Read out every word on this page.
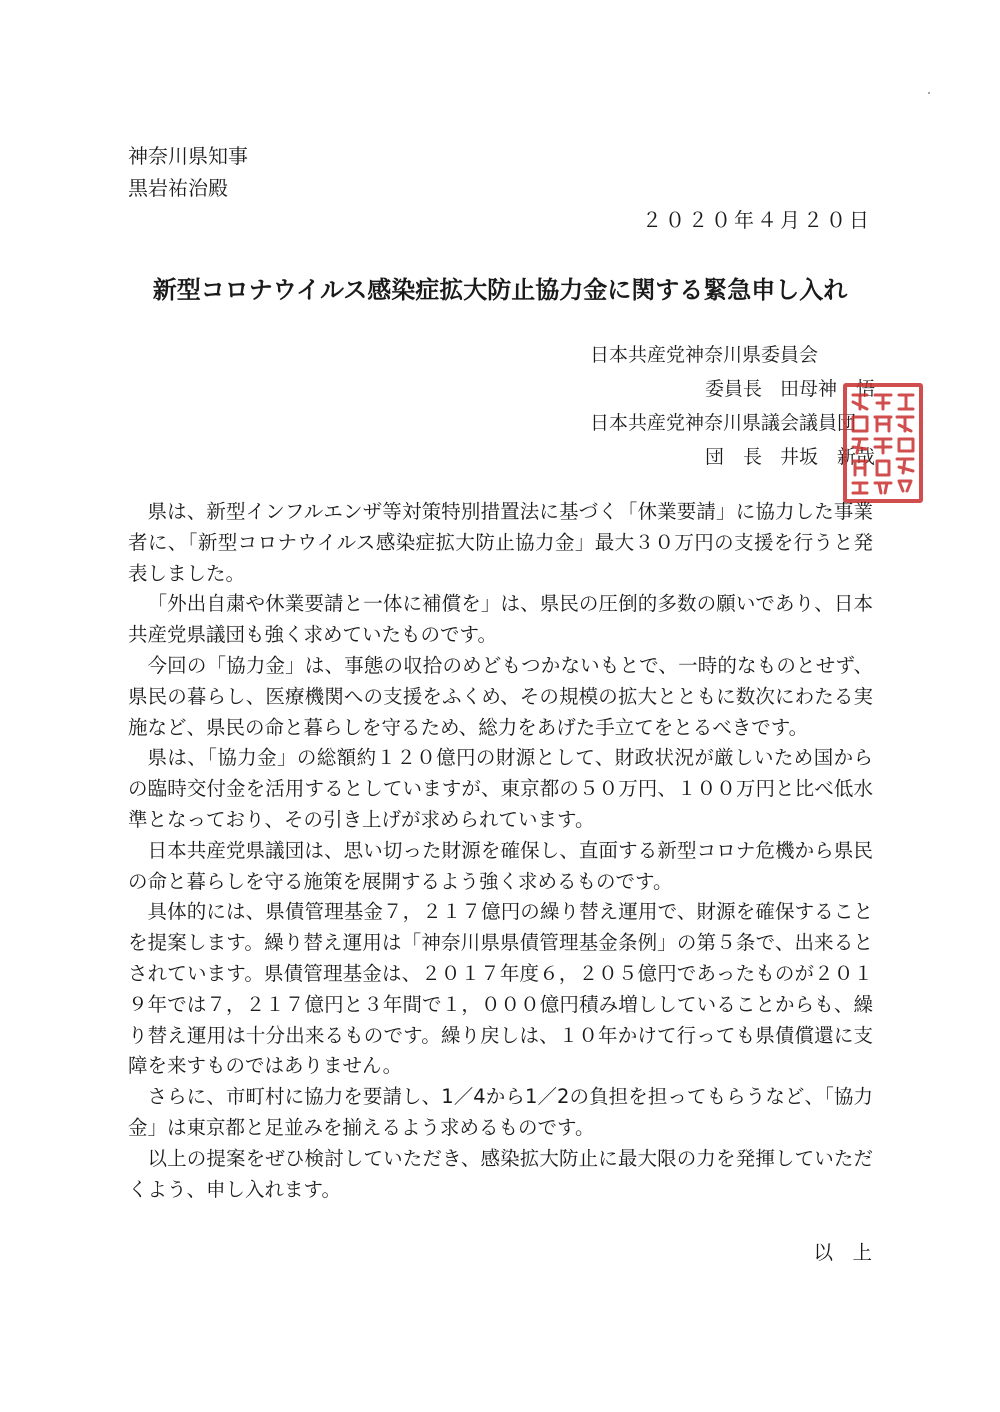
神奈川県知事
黒岩祐治殿
２０２０年４月２０日
新型コロナウイルス感染症拡大防止協力金に関する緊急申し入れ
日本共産党神奈川県委員会
委員長 田母神　悟
日本共産党神奈川県議会議員団
団　長 井坂　新哉

県は、新型インフルエンザ等対策特別措置法に基づく「休業要請」に協力した事業者に、「新型コロナウイルス感染症拡大防止協力金」最大３０万円の支援を行うと発表しました。

「外出自粛や休業要請と一体に補償を」は、県民の圧倒的多数の願いであり、日本共産党県議団も強く求めていたものです。

今回の「協力金」は、事態の収拾のめどもつかないもとで、一時的なものとせず、県民の暮らし、医療機関への支援をふくめ、その規模の拡大とともに数次にわたる実施など、県民の命と暮らしを守るため、総力をあげた手立てをとるべきです。

県は、「協力金」の総額約１２０億円の財源として、財政状況が厳しいため国からの臨時交付金を活用するとしていますが、東京都の５０万円、１００万円と比べ低水準となっており、その引き上げが求められています。

日本共産党県議団は、思い切った財源を確保し、直面する新型コロナ危機から県民の命と暮らしを守る施策を展開するよう強く求めるものです。

具体的には、県債管理基金７，２１７億円の繰り替え運用で、財源を確保することを提案します。繰り替え運用は「神奈川県県債管理基金条例」の第５条で、出来るとされています。県債管理基金は、２０１７年度６，２０５億円であったものが２０１９年では７，２１７億円と３年間で１，０００億円積み増ししていることからも、繰り替え運用は十分出来るものです。繰り戻しは、１０年かけて行っても県債償還に支障を来すものではありません。

さらに、市町村に協力を要請し、1／4から1／2の負担を担ってもらうなど、「協力金」は東京都と足並みを揃えるよう求めるものです。

以上の提案をぜひ検討していただき、感染拡大防止に最大限の力を発揮していただくよう、申し入れます。

以　上
